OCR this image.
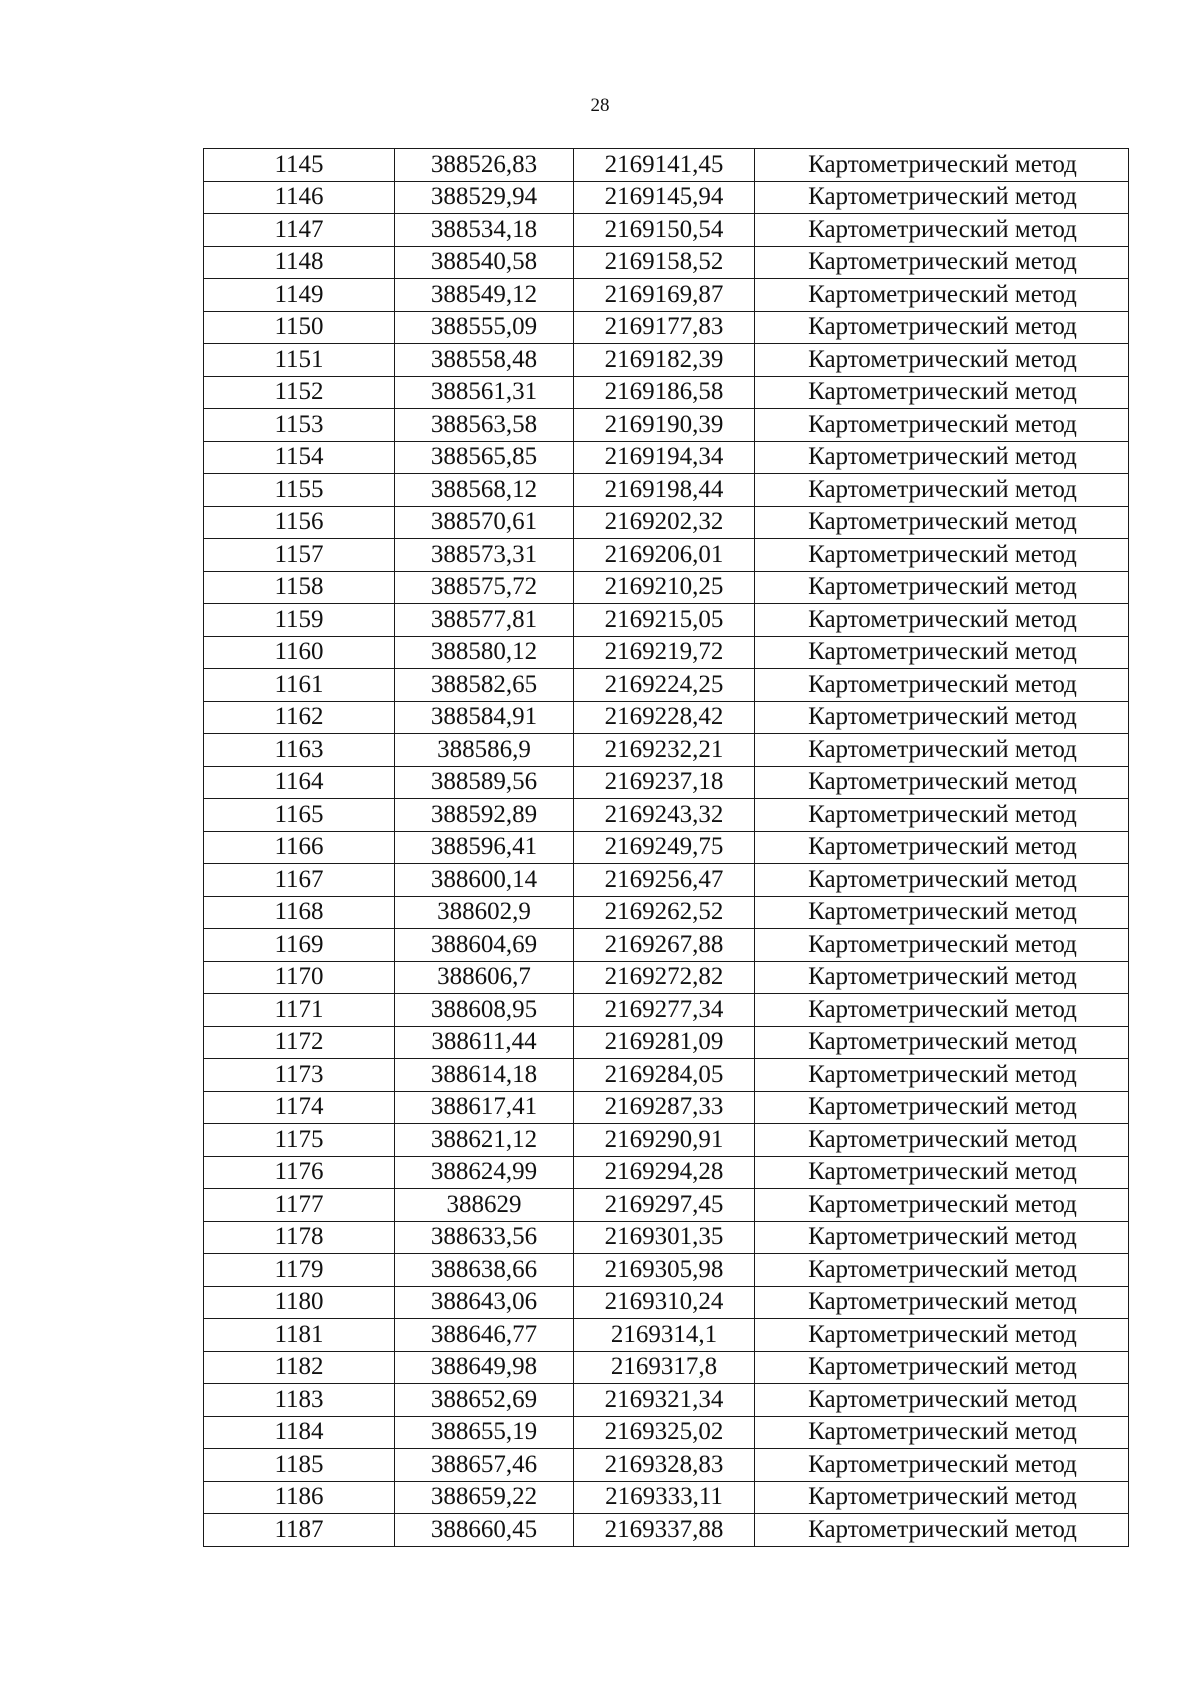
28
1145	388526,83	2169141,45	Картометрический метод
1146	388529,94	2169145,94	Картометрический метод
1147	388534,18	2169150,54	Картометрический метод
1148	388540,58	2169158,52	Картометрический метод
1149	388549,12	2169169,87	Картометрический метод
1150	388555,09	2169177,83	Картометрический метод
1151	388558,48	2169182,39	Картометрический метод
1152	388561,31	2169186,58	Картометрический метод
1153	388563,58	2169190,39	Картометрический метод
1154	388565,85	2169194,34	Картометрический метод
1155	388568,12	2169198,44	Картометрический метод
1156	388570,61	2169202,32	Картометрический метод
1157	388573,31	2169206,01	Картометрический метод
1158	388575,72	2169210,25	Картометрический метод
1159	388577,81	2169215,05	Картометрический метод
1160	388580,12	2169219,72	Картометрический метод
1161	388582,65	2169224,25	Картометрический метод
1162	388584,91	2169228,42	Картометрический метод
1163	388586,9	2169232,21	Картометрический метод
1164	388589,56	2169237,18	Картометрический метод
1165	388592,89	2169243,32	Картометрический метод
1166	388596,41	2169249,75	Картометрический метод
1167	388600,14	2169256,47	Картометрический метод
1168	388602,9	2169262,52	Картометрический метод
1169	388604,69	2169267,88	Картометрический метод
1170	388606,7	2169272,82	Картометрический метод
1171	388608,95	2169277,34	Картометрический метод
1172	388611,44	2169281,09	Картометрический метод
1173	388614,18	2169284,05	Картометрический метод
1174	388617,41	2169287,33	Картометрический метод
1175	388621,12	2169290,91	Картометрический метод
1176	388624,99	2169294,28	Картометрический метод
1177	388629	2169297,45	Картометрический метод
1178	388633,56	2169301,35	Картометрический метод
1179	388638,66	2169305,98	Картометрический метод
1180	388643,06	2169310,24	Картометрический метод
1181	388646,77	2169314,1	Картометрический метод
1182	388649,98	2169317,8	Картометрический метод
1183	388652,69	2169321,34	Картометрический метод
1184	388655,19	2169325,02	Картометрический метод
1185	388657,46	2169328,83	Картометрический метод
1186	388659,22	2169333,11	Картометрический метод
1187	388660,45	2169337,88	Картометрический метод
